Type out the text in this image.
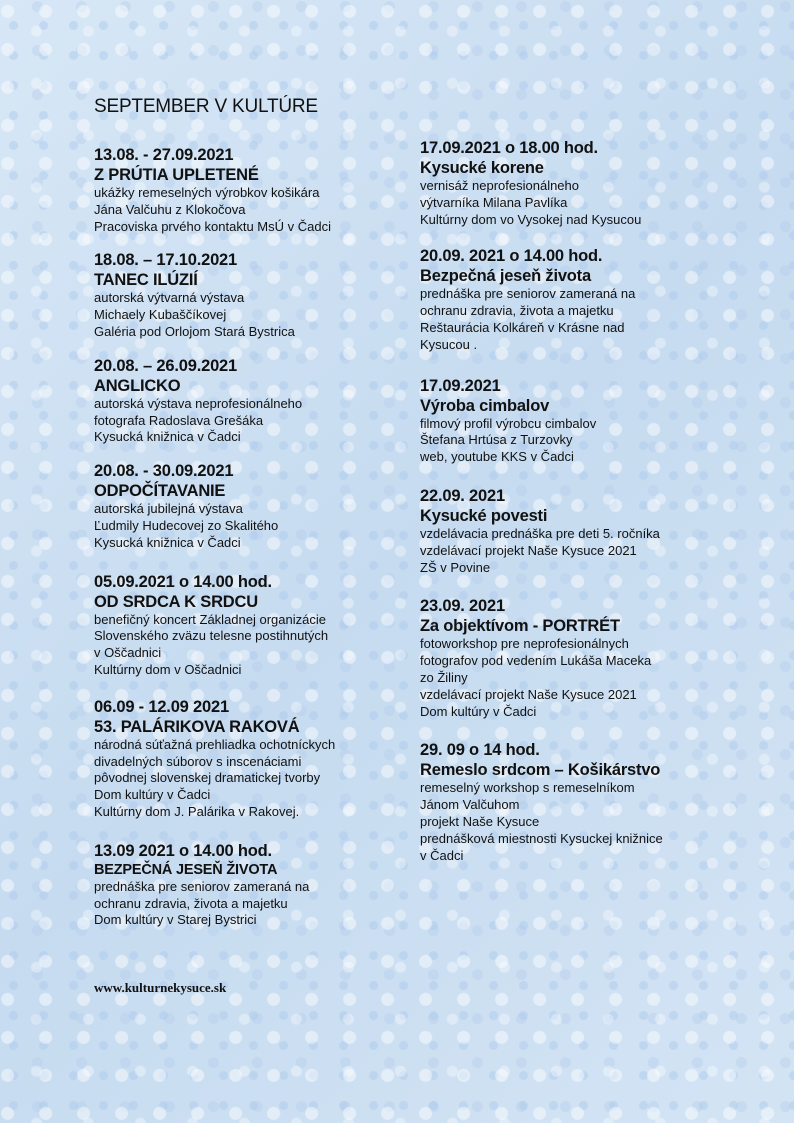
SEPTEMBER V KULTÚRE
13.08. - 27.09.2021
Z PRÚTIA UPLETENÉ
ukážky remeselných výrobkov košikára
Jána Valčuhu z Klokočova
Pracoviska prvého kontaktu MsÚ v Čadci
18.08. – 17.10.2021
TANEC ILÚZIÍ
autorská výtvarná výstava
Michaely Kubaščíkovej
Galéria pod Orlojom Stará Bystrica
20.08. – 26.09.2021
ANGLICKO
autorská výstava neprofesionálneho
fotografa Radoslava Grešáka
Kysucká knižnica v Čadci
20.08. - 30.09.2021
ODPOČÍTAVANIE
autorská jubilejná výstava
Ľudmily Hudecovej zo Skalitého
Kysucká knižnica v Čadci
05.09.2021 o 14.00 hod.
OD SRDCA K SRDCU
benefičný koncert Základnej organizácie
Slovenského zväzu telesne postihnutých
v Oščadnici
Kultúrny dom v Oščadnici
06.09 - 12.09 2021
53. PALÁRIKOVA RAKOVÁ
národná súťažná prehliadka ochotníckych
divadelných súborov s inscenáciami
pôvodnej slovenskej dramatickej tvorby
Dom kultúry v Čadci
Kultúrny dom J. Palárika v Rakovej.
13.09 2021 o 14.00 hod.
BEZPEČNÁ JESEŇ ŽIVOTA
prednáška pre seniorov zameraná na
ochranu zdravia, života a majetku
Dom kultúry v Starej Bystrici
17.09.2021 o 18.00 hod.
Kysucké korene
vernisáž neprofesionálneho
výtvarníka Milana Pavlíka
Kultúrny dom vo Vysokej nad Kysucou
20.09. 2021 o 14.00 hod.
Bezpečná jeseň života
prednáška pre seniorov zameraná na
ochranu zdravia, života a majetku
Reštaurácia Kolkáreň v Krásne nad
Kysucou .
17.09.2021
Výroba cimbalov
filmový profil výrobcu cimbalov
Štefana Hrtúsa z Turzovky
web, youtube KKS v Čadci
22.09. 2021
Kysucké povesti
vzdelávacia prednáška pre deti 5. ročníka
vzdelávací projekt Naše Kysuce 2021
ZŠ v Povine
23.09. 2021
Za objektívom - PORTRÉT
fotoworkshop pre neprofesionálnych
fotografov pod vedením Lukáša Maceka
zo Žiliny
vzdelávací projekt Naše Kysuce 2021
Dom kultúry v Čadci
29. 09 o 14 hod.
Remeslo srdcom – Košikárstvo
remeselný workshop s remeselníkom
Jánom Valčuhom
projekt Naše Kysuce
prednášková miestnosti Kysuckej knižnice
v Čadci
www.kulturnekysuce.sk
